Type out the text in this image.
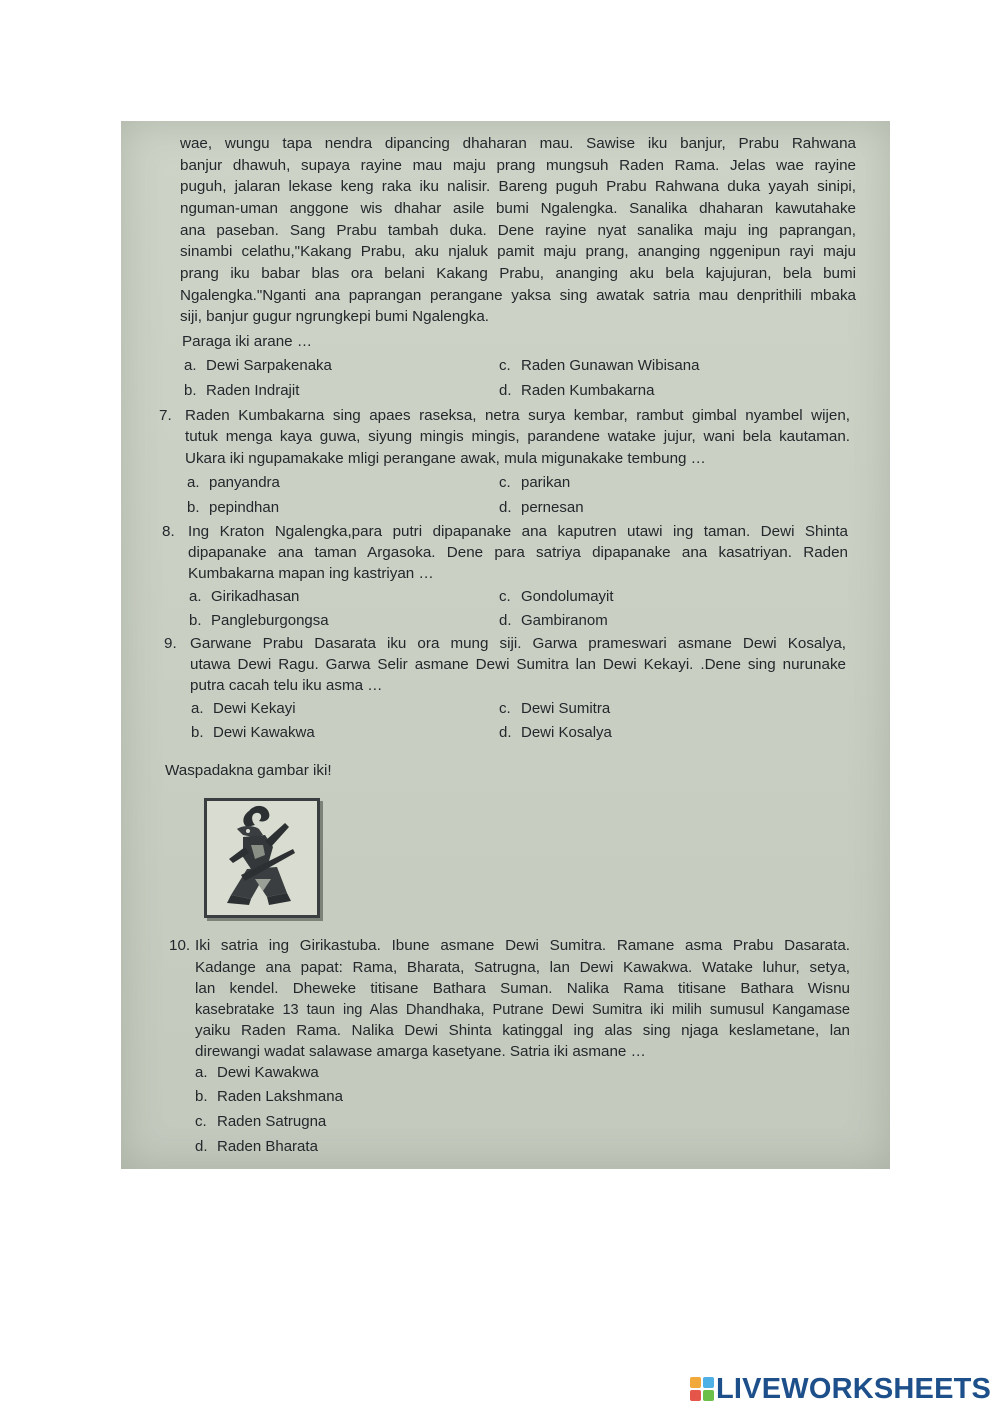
wae, wungu tapa nendra dipancing dhaharan mau. Sawise iku banjur, Prabu Rahwana
banjur dhawuh, supaya rayine mau maju prang mungsuh Raden Rama. Jelas wae rayine
puguh, jalaran lekase keng raka iku nalisir. Bareng puguh Prabu Rahwana duka yayah sinipi,
nguman-uman anggone wis dhahar asile bumi Ngalengka. Sanalika dhaharan kawutahake
ana paseban. Sang Prabu tambah duka. Dene rayine nyat sanalika maju ing paprangan,
sinambi celathu,"Kakang Prabu, aku njaluk pamit maju prang, ananging nggenipun rayi maju
prang iku babar blas ora belani Kakang Prabu, ananging aku bela kajujuran, bela bumi
Ngalengka."Nganti ana paprangan perangane yaksa sing awatak satria mau denprithili mbaka
siji, banjur gugur ngrungkepi bumi Ngalengka.
Paraga iki arane …
a. Dewi Sarpakenaka	c. Raden Gunawan Wibisana
b. Raden Indrajit	d. Raden Kumbakarna
7. Raden Kumbakarna sing apaes raseksa, netra surya kembar, rambut gimbal nyambel wijen,
tutuk menga kaya guwa, siyung mingis mingis, parandene watake jujur, wani bela kautaman.
Ukara iki ngupamakake mligi perangane awak, mula migunakake tembung …
a. panyandra	c. parikan
b. pepindhan	d. pernesan
8. Ing Kraton Ngalengka,para putri dipapanake ana kaputren utawi ing taman. Dewi Shinta
dipapanake ana taman Argasoka. Dene para satriya dipapanake ana kasatriyan. Raden
Kumbakarna mapan ing kastriyan …
a. Girikadhasan	c. Gondolumayit
b. Pangleburgongsa	d. Gambiranom
9. Garwane Prabu Dasarata iku ora mung siji. Garwa prameswari asmane Dewi Kosalya,
utawa Dewi Ragu. Garwa Selir asmane Dewi Sumitra lan Dewi Kekayi. .Dene sing nurunake
putra cacah telu iku asma …
a. Dewi Kekayi	c. Dewi Sumitra
b. Dewi Kawakwa	d. Dewi Kosalya
Waspadakna gambar iki!
10. Iki satria ing Girikastuba. Ibune asmane Dewi Sumitra. Ramane asma Prabu Dasarata.
Kadange ana papat: Rama, Bharata, Satrugna, lan Dewi Kawakwa. Watake luhur, setya,
lan kendel. Dheweke titisane Bathara Suman. Nalika Rama titisane Bathara Wisnu
kasebratake 13 taun ing Alas Dhandhaka, Putrane Dewi Sumitra iki milih sumusul Kangamase
yaiku Raden Rama. Nalika Dewi Shinta katinggal ing alas sing njaga keslametane, lan
direwangi wadat salawase amarga kasetyane. Satria iki asmane …
a. Dewi Kawakwa
b. Raden Lakshmana
c. Raden Satrugna
d. Raden Bharata
LIVEWORKSHEETS
